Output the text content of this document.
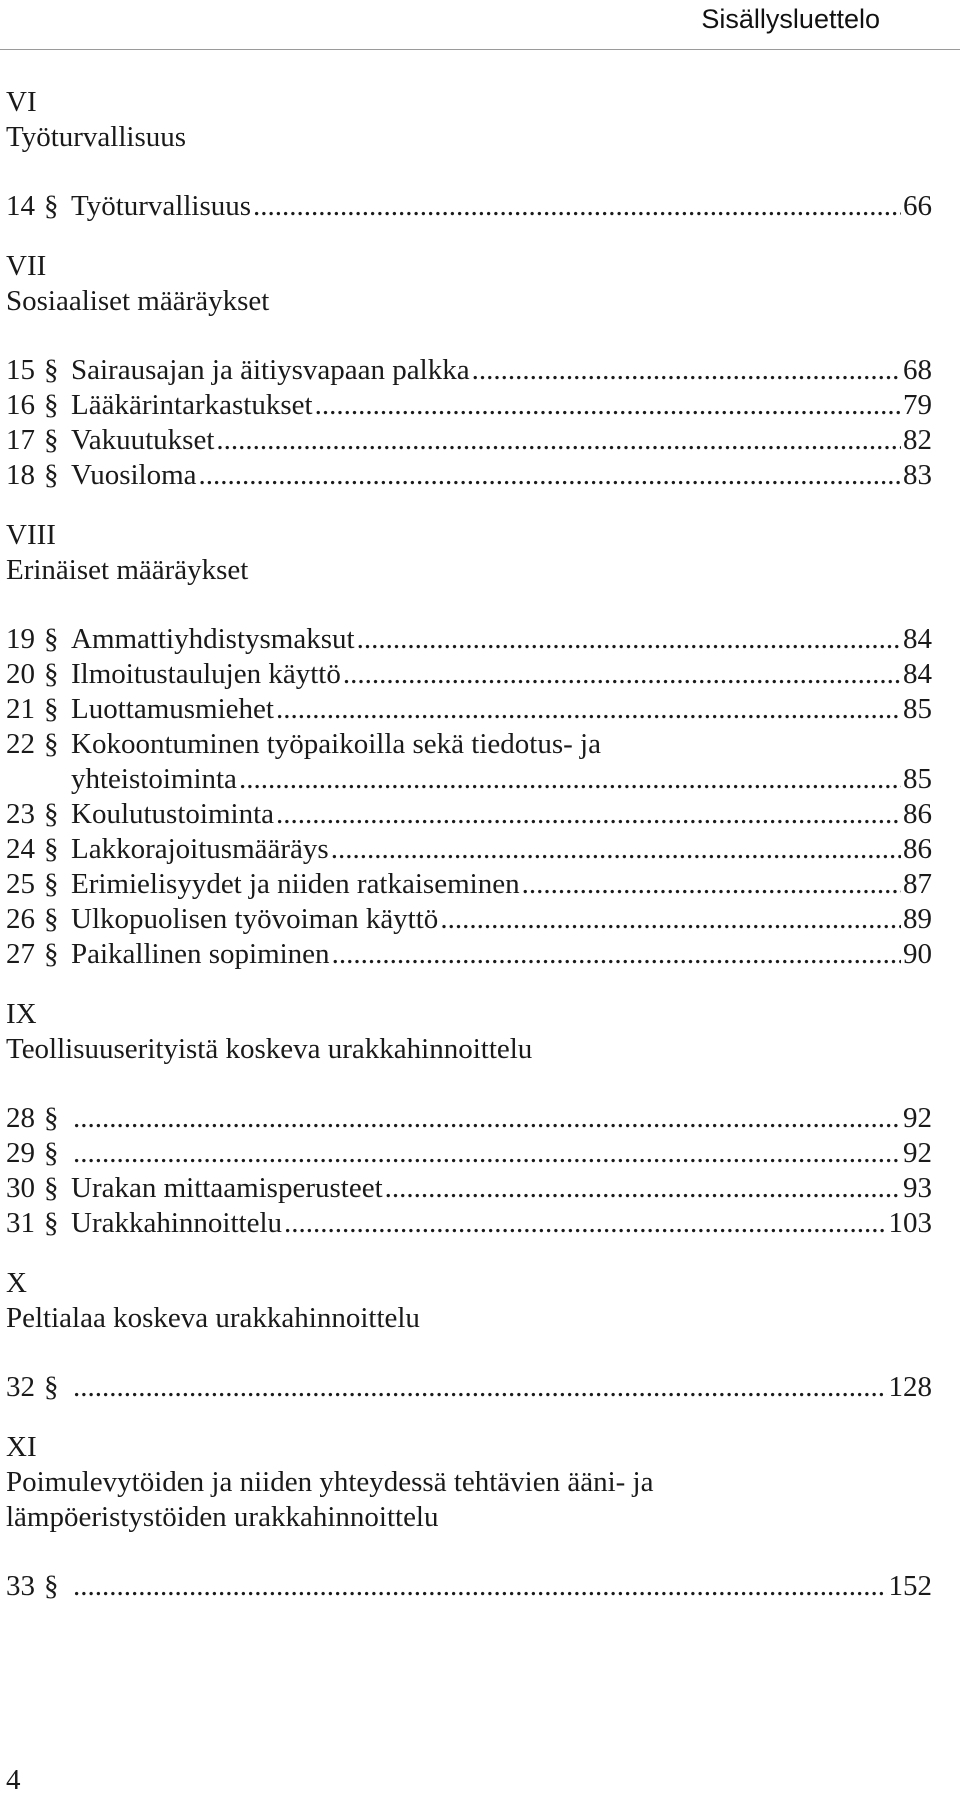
Sisällysluettelo
VI
Työturvallisuus
14 § Työturvallisuus .....	66
VII
Sosiaaliset määräykset
15 § Sairausajan ja äitiysvapaan palkka .....	68
16 § Lääkärintarkastukset .....	79
17 § Vakuutukset .....	82
18 § Vuosiloma .....	83
VIII
Erinäiset määräykset
19 § Ammattiyhdistysmaksut .....	84
20 § Ilmoitustaulujen käyttö .....	84
21 § Luottamusmiehet .....	85
22 § Kokoontuminen työpaikoilla sekä tiedotus- ja
yhteistoiminta .....	85
23 § Koulutustoiminta .....	86
24 § Lakkorajoitusmääräys .....	86
25 § Erimielisyydet ja niiden ratkaiseminen .....	87
26 § Ulkopuolisen työvoiman käyttö .....	89
27 § Paikallinen sopiminen .....	90
IX
Teollisuuserityistä koskeva urakkahinnoittelu
28 § .....	92
29 § .....	92
30 § Urakan mittaamisperusteet .....	93
31 § Urakkahinnoittelu .....	103
X
Peltialaa koskeva urakkahinnoittelu
32 § .....	128
XI
Poimulevytöiden ja niiden yhteydessä tehtävien ääni- ja
lämpöeristystöiden urakkahinnoittelu
33 § .....	152
4
